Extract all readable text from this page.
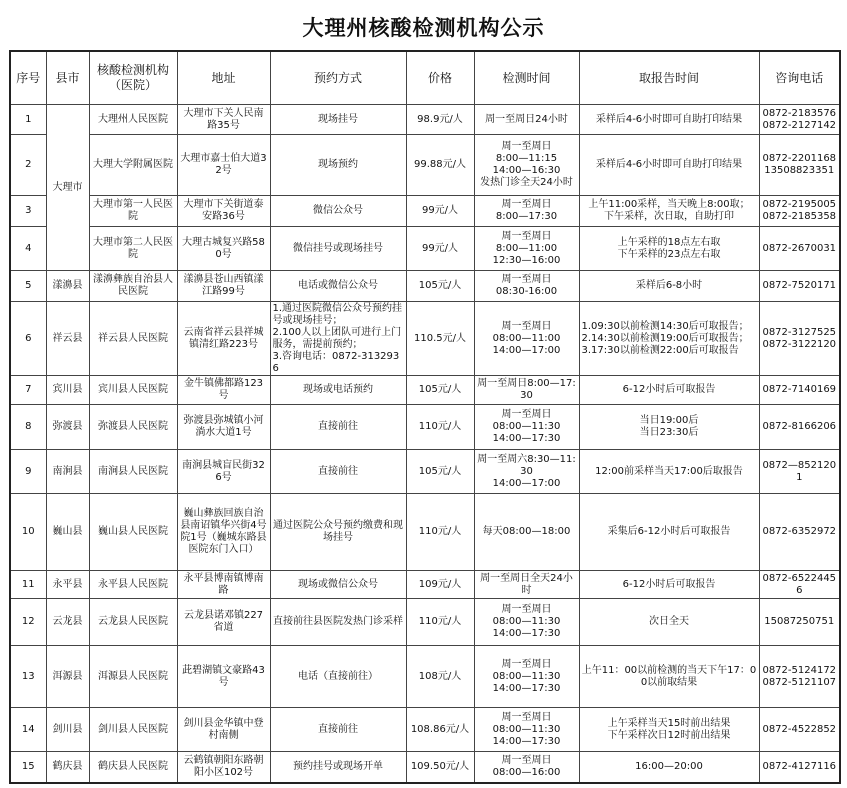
大理州核酸检测机构公示
序号	县市	核酸检测机构（医院）	地址	预约方式	价格	检测时间	取报告时间	咨询电话
1	大理市	大理州人民医院	大理市下关人民南路35号	现场挂号	98.9元/人	周一至周日24小时	采样后4-6小时即可自助打印结果	0872-2183576
0872-2127142
2		大理大学附属医院	大理市嘉士伯大道32号	现场预约	99.88元/人	周一至周日
8:00—11:15
14:00—16:30
发热门诊全天24小时	采样后4-6小时即可自助打印结果	0872-2201168
13508823351
3		大理市第一人民医院	大理市下关街道泰安路36号	微信公众号	99元/人	周一至周日
8:00—17:30	上午11:00采样，当天晚上8:00取；
下午采样，次日取，自助打印	0872-2195005
0872-2185358
4		大理市第二人民医院	大理古城复兴路580号	微信挂号或现场挂号	99元/人	周一至周日
8:00—11:00
12:30—16:00	上午采样的18点左右取
下午采样的23点左右取	0872-2670031
5	漾濞县	漾濞彝族自治县人民医院	漾濞县苍山西镇漾江路99号	电话或微信公众号	105元/人	周一至周日
08:30-16:00	采样后6-8小时	0872-7520171
6	祥云县	祥云县人民医院	云南省祥云县祥城镇清红路223号	1.通过医院微信公众号预约挂号或现场挂号；
2.100人以上团队可进行上门服务，需提前预约；
3.咨询电话：0872-3132936	110.5元/人	周一至周日
08:00—11:00
14:00—17:00	1.09:30以前检测14:30后可取报告；
2.14:30以前检测19:00后可取报告；
3.17:30以前检测22:00后可取报告	0872-3127525
0872-3122120
7	宾川县	宾川县人民医院	金牛镇佛都路123号	现场或电话预约	105元/人	周一至周日8:00—17:30	6-12小时后可取报告	0872-7140169
8	弥渡县	弥渡县人民医院	弥渡县弥城镇小河淌水大道1号	直接前往	110元/人	周一至周日
08:00—11:30
14:00—17:30	当日19:00后
当日23:30后	0872-8166206
9	南涧县	南涧县人民医院	南涧县城盲民街326号	直接前往	105元/人	周一至周六8:30—11:30
14:00—17:00	12:00前采样当天17:00后取报告	0872—8521201
10	巍山县	巍山县人民医院	巍山彝族回族自治县南诏镇华兴街4号院1号（巍城东路县医院东门入口）	通过医院公众号预约缴费和现场挂号	110元/人	每天08:00—18:00	采集后6-12小时后可取报告	0872-6352972
11	永平县	永平县人民医院	永平县博南镇博南路	现场或微信公众号	109元/人	周一至周日全天24小时	6-12小时后可取报告	0872-65224456
12	云龙县	云龙县人民医院	云龙县诺邓镇227省道	直接前往县医院发热门诊采样	110元/人	周一至周日
08:00—11:30
14:00—17:30	次日全天	15087250751
13	洱源县	洱源县人民医院	茈碧湖镇文豪路43号	电话（直接前往）	108元/人	周一至周日
08:00—11:30
14:00—17:30	上午11：00以前检测的当天下午17：00以前取结果	0872-5124172
0872-5121107
14	剑川县	剑川县人民医院	剑川县金华镇中登村南侧	直接前往	108.86元/人	周一至周日
08:00—11:30
14:00—17:30	上午采样当天15时前出结果
下午采样次日12时前出结果	0872-4522852
15	鹤庆县	鹤庆县人民医院	云鹤镇朝阳东路朝阳小区102号	预约挂号或现场开单	109.50元/人	周一至周日
08:00—16:00	16:00—20:00	0872-4127116
